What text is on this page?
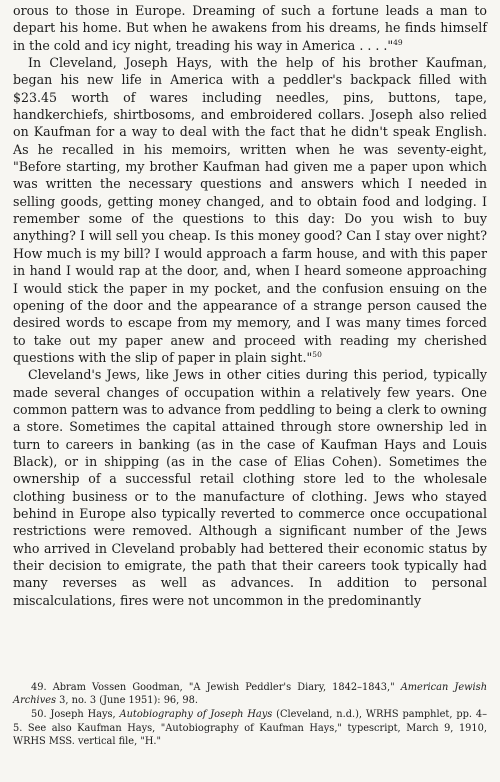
orous to those in Europe. Dreaming of such a fortune leads a man to depart his home. But when he awakens from his dreams, he finds himself in the cold and icy night, treading his way in America . . . ."$^{49}$

In Cleveland, Joseph Hays, with the help of his brother Kaufman, began his new life in America with a peddler's backpack filled with $23.45 worth of wares including needles, pins, buttons, tape, handkerchiefs, shirtbosoms, and embroidered collars. Joseph also relied on Kaufman for a way to deal with the fact that he didn't speak English. As he recalled in his memoirs, written when he was seventy-eight, "Before starting, my brother Kaufman had given me a paper upon which was written the necessary questions and answers which I needed in selling goods, getting money changed, and to obtain food and lodging. I remember some of the questions to this day: Do you wish to buy anything? I will sell you cheap. Is this money good? Can I stay over night? How much is my bill? I would approach a farm house, and with this paper in hand I would rap at the door, and, when I heard someone approaching I would stick the paper in my pocket, and the confusion ensuing on the opening of the door and the appearance of a strange person caused the desired words to escape from my memory, and I was many times forced to take out my paper anew and proceed with reading my cherished questions with the slip of paper in plain sight."$^{50}$

Cleveland's Jews, like Jews in other cities during this period, typically made several changes of occupation within a relatively few years. One common pattern was to advance from peddling to being a clerk to owning a store. Sometimes the capital attained through store ownership led in turn to careers in banking (as in the case of Kaufman Hays and Louis Black), or in shipping (as in the case of Elias Cohen). Sometimes the ownership of a successful retail clothing store led to the wholesale clothing business or to the manufacture of clothing. Jews who stayed behind in Europe also typically reverted to commerce once occupational restrictions were removed. Although a significant number of the Jews who arrived in Cleveland probably had bettered their economic status by their decision to emigrate, the path that their careers took typically had many reverses as well as advances. In addition to personal miscalculations, fires were not uncommon in the predominantly

49. Abram Vossen Goodman, "A Jewish Peddler's Diary, 1842–1843," American Jewish Archives 3, no. 3 (June 1951): 96, 98.

50. Joseph Hays, Autobiography of Joseph Hays (Cleveland, n.d.), WRHS pamphlet, pp. 4–5. See also Kaufman Hays, "Autobiography of Kaufman Hays," typescript, March 9, 1910, WRHS MSS. vertical file, "H."
